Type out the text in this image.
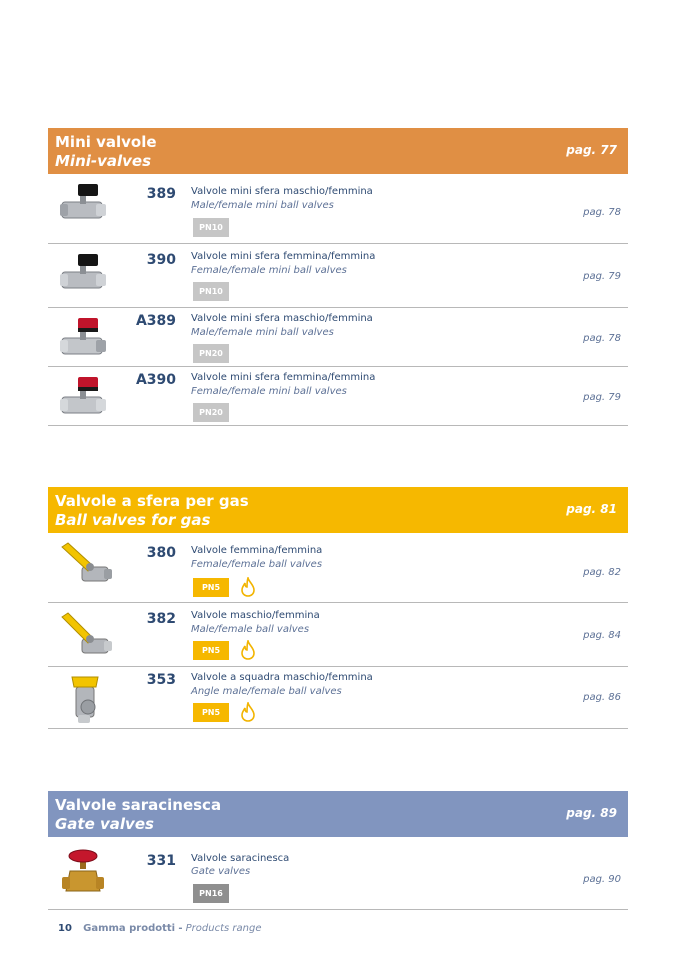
Mini valvole
Mini-valves
pag. 77
389 Valvole mini sfera maschio/femmina
Male/female mini ball valves
PN10
pag. 78
390 Valvole mini sfera femmina/femmina
Female/female mini ball valves
PN10
pag. 79
A389 Valvole mini sfera maschio/femmina
Male/female mini ball valves
PN20
pag. 78
A390 Valvole mini sfera femmina/femmina
Female/female mini ball valves
PN20
pag. 79
Valvole a sfera per gas
Ball valves for gas
pag. 81
380 Valvole femmina/femmina
Female/female ball valves
PN5
pag. 82
382 Valvole maschio/femmina
Male/female ball valves
PN5
pag. 84
353 Valvole a squadra maschio/femmina
Angle male/female ball valves
PN5
pag. 86
Valvole saracinesca
Gate valves
pag. 89
331 Valvole saracinesca
Gate valves
PN16
pag. 90
10 Gamma prodotti - Products range
